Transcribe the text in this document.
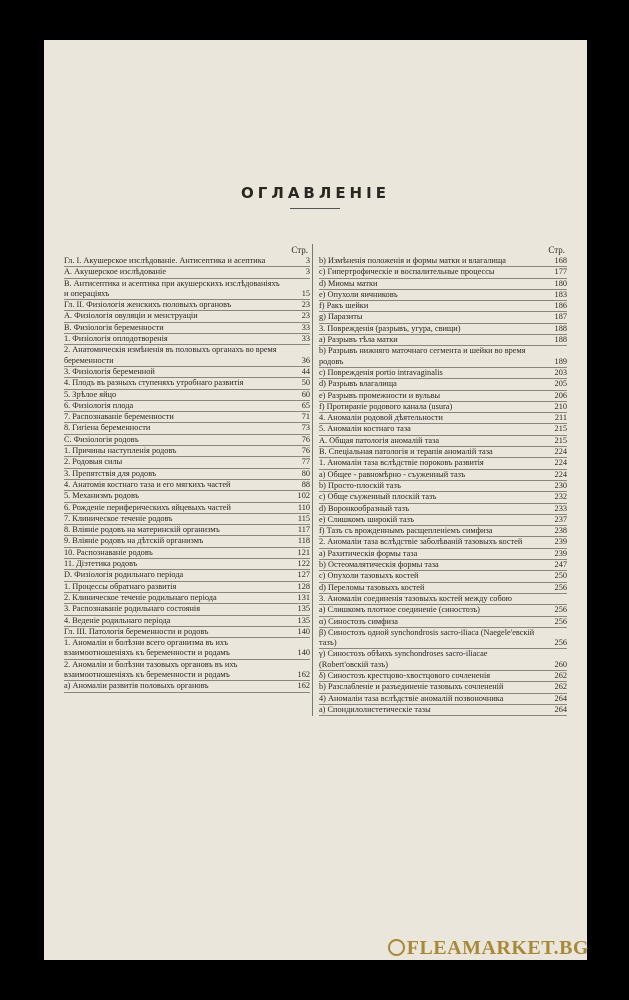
ОГЛАВЛЕНІЕ
Стр.
Гл. I. Акушерское изслѣдованіе. Антисептика и асептика	3
А. Акушерское изслѣдованіе	3
В. Антисептика и асептика при акушерскихъ изслѣдованіяхъ и операціяхъ	15
Гл. II. Физіологія женскихъ половыхъ органовъ	23
А. Физіологія овуляціи и менструаціи	23
В. Физіологія беременности	33
1. Физіологія оплодотворенія	33
2. Анатомическія измѣненія въ половыхъ органахъ во время беременности	36
3. Физіологія беременной	44
4. Плодъ въ разныхъ ступеняхъ утробнаго развитія	50
5. Зрѣлое яйцо	60
6. Физіологія плода	65
7. Распознаваніе беременности	71
8. Гигіена беременности	73
С. Физіологія родовъ	76
1. Причины наступленія родовъ	76
2. Родовыя силы	77
3. Препятствія для родовъ	80
4. Анатомія костнаго таза и его мягкихъ частей	88
5. Механизмъ родовъ	102
6. Рожденіе периферическихъ яйцевыхъ частей	110
7. Клиническое теченіе родовъ	115
8. Вліяніе родовъ на материнскій организмъ	117
9. Вліяніе родовъ на дѣтскій организмъ	118
10. Распознаваніе родовъ	121
11. Діэтетика родовъ	122
D. Физіологія родильнаго періода	127
1. Процессы обратнаго развитія	128
2. Клиническое теченіе родильнаго періода	131
3. Распознаваніе родильнаго состоянія	135
4. Веденіе родильнаго періода	135
Гл. III. Патологія беременности и родовъ	140
1. Аномаліи и болѣзни всего организма въ ихъ взаимоотношеніяхъ къ беременности и родамъ	140
2. Аномаліи и болѣзни тазовыхъ органовъ въ ихъ взаимоотношеніяхъ къ беременности и родамъ	162
а) Аномаліи развитія половыхъ органовъ	162
Стр.
b) Измѣненія положенія и формы матки и влагалища	168
с) Гипертрофическіе и воспалительные процессы	177
d) Миомы матки	180
e) Опухоли яичниковъ	183
f) Ракъ шейки	186
g) Паразиты	187
3. Поврежденія (разрывъ, угура, свищи)	188
а) Разрывъ тѣла матки	188
b) Разрывъ нижняго маточнаго сегмента и шейки во время родовъ	189
с) Поврежденія portio intravaginalis	203
d) Разрывъ влагалища	205
e) Разрывъ промежности и вульвы	206
f) Протираніе родового канала (usura)	210
4. Аномаліи родовой дѣятельности	211
5. Аномаліи костнаго таза	215
А. Общая патологія аномалій таза	215
В. Спеціальная патологія и терапія аномалій таза	224
1. Аномаліи таза вслѣдствіе пороковъ развитія	224
а) Общее - равномѣрно - съуженный тазъ	224
b) Просто-плоскій тазъ	230
с) Обще съуженный плоскій тазъ	232
d) Воронкообразный тазъ	233
e) Слишкомъ широкій тазъ	237
f) Тазъ съ врожденнымъ расщепленіемъ симфиза	238
2. Аномаліи таза вслѣдствіе заболѣваній тазовыхъ костей	239
а) Рахитическія формы таза	239
b) Остеомалятическія формы таза	247
с) Опухоли тазовыхъ костей	250
d) Переломы тазовыхъ костей	256
3. Аномаліи соединенія тазовыхъ костей между собою
а) Слишкомъ плотное соединеніе (синостозъ)	256
α) Синостозъ симфиза	256
β) Синостозъ одной synchondrosis sacro-iliaca (Naegele'евскій тазъ)	256
γ) Синостозъ обѣихъ synchondroses sacro-iliacae (Robert'овскій тазъ)	260
δ) Синостозъ крестцово-хвостцового сочлененія	262
b) Разслабленіе и разъединеніе тазовыхъ сочлененій	262
4) Аномаліи таза вслѣдствіе аномалій позвоночника	264
а) Спондилолистетическіе тазы	264
FLEAMARKET.BG
